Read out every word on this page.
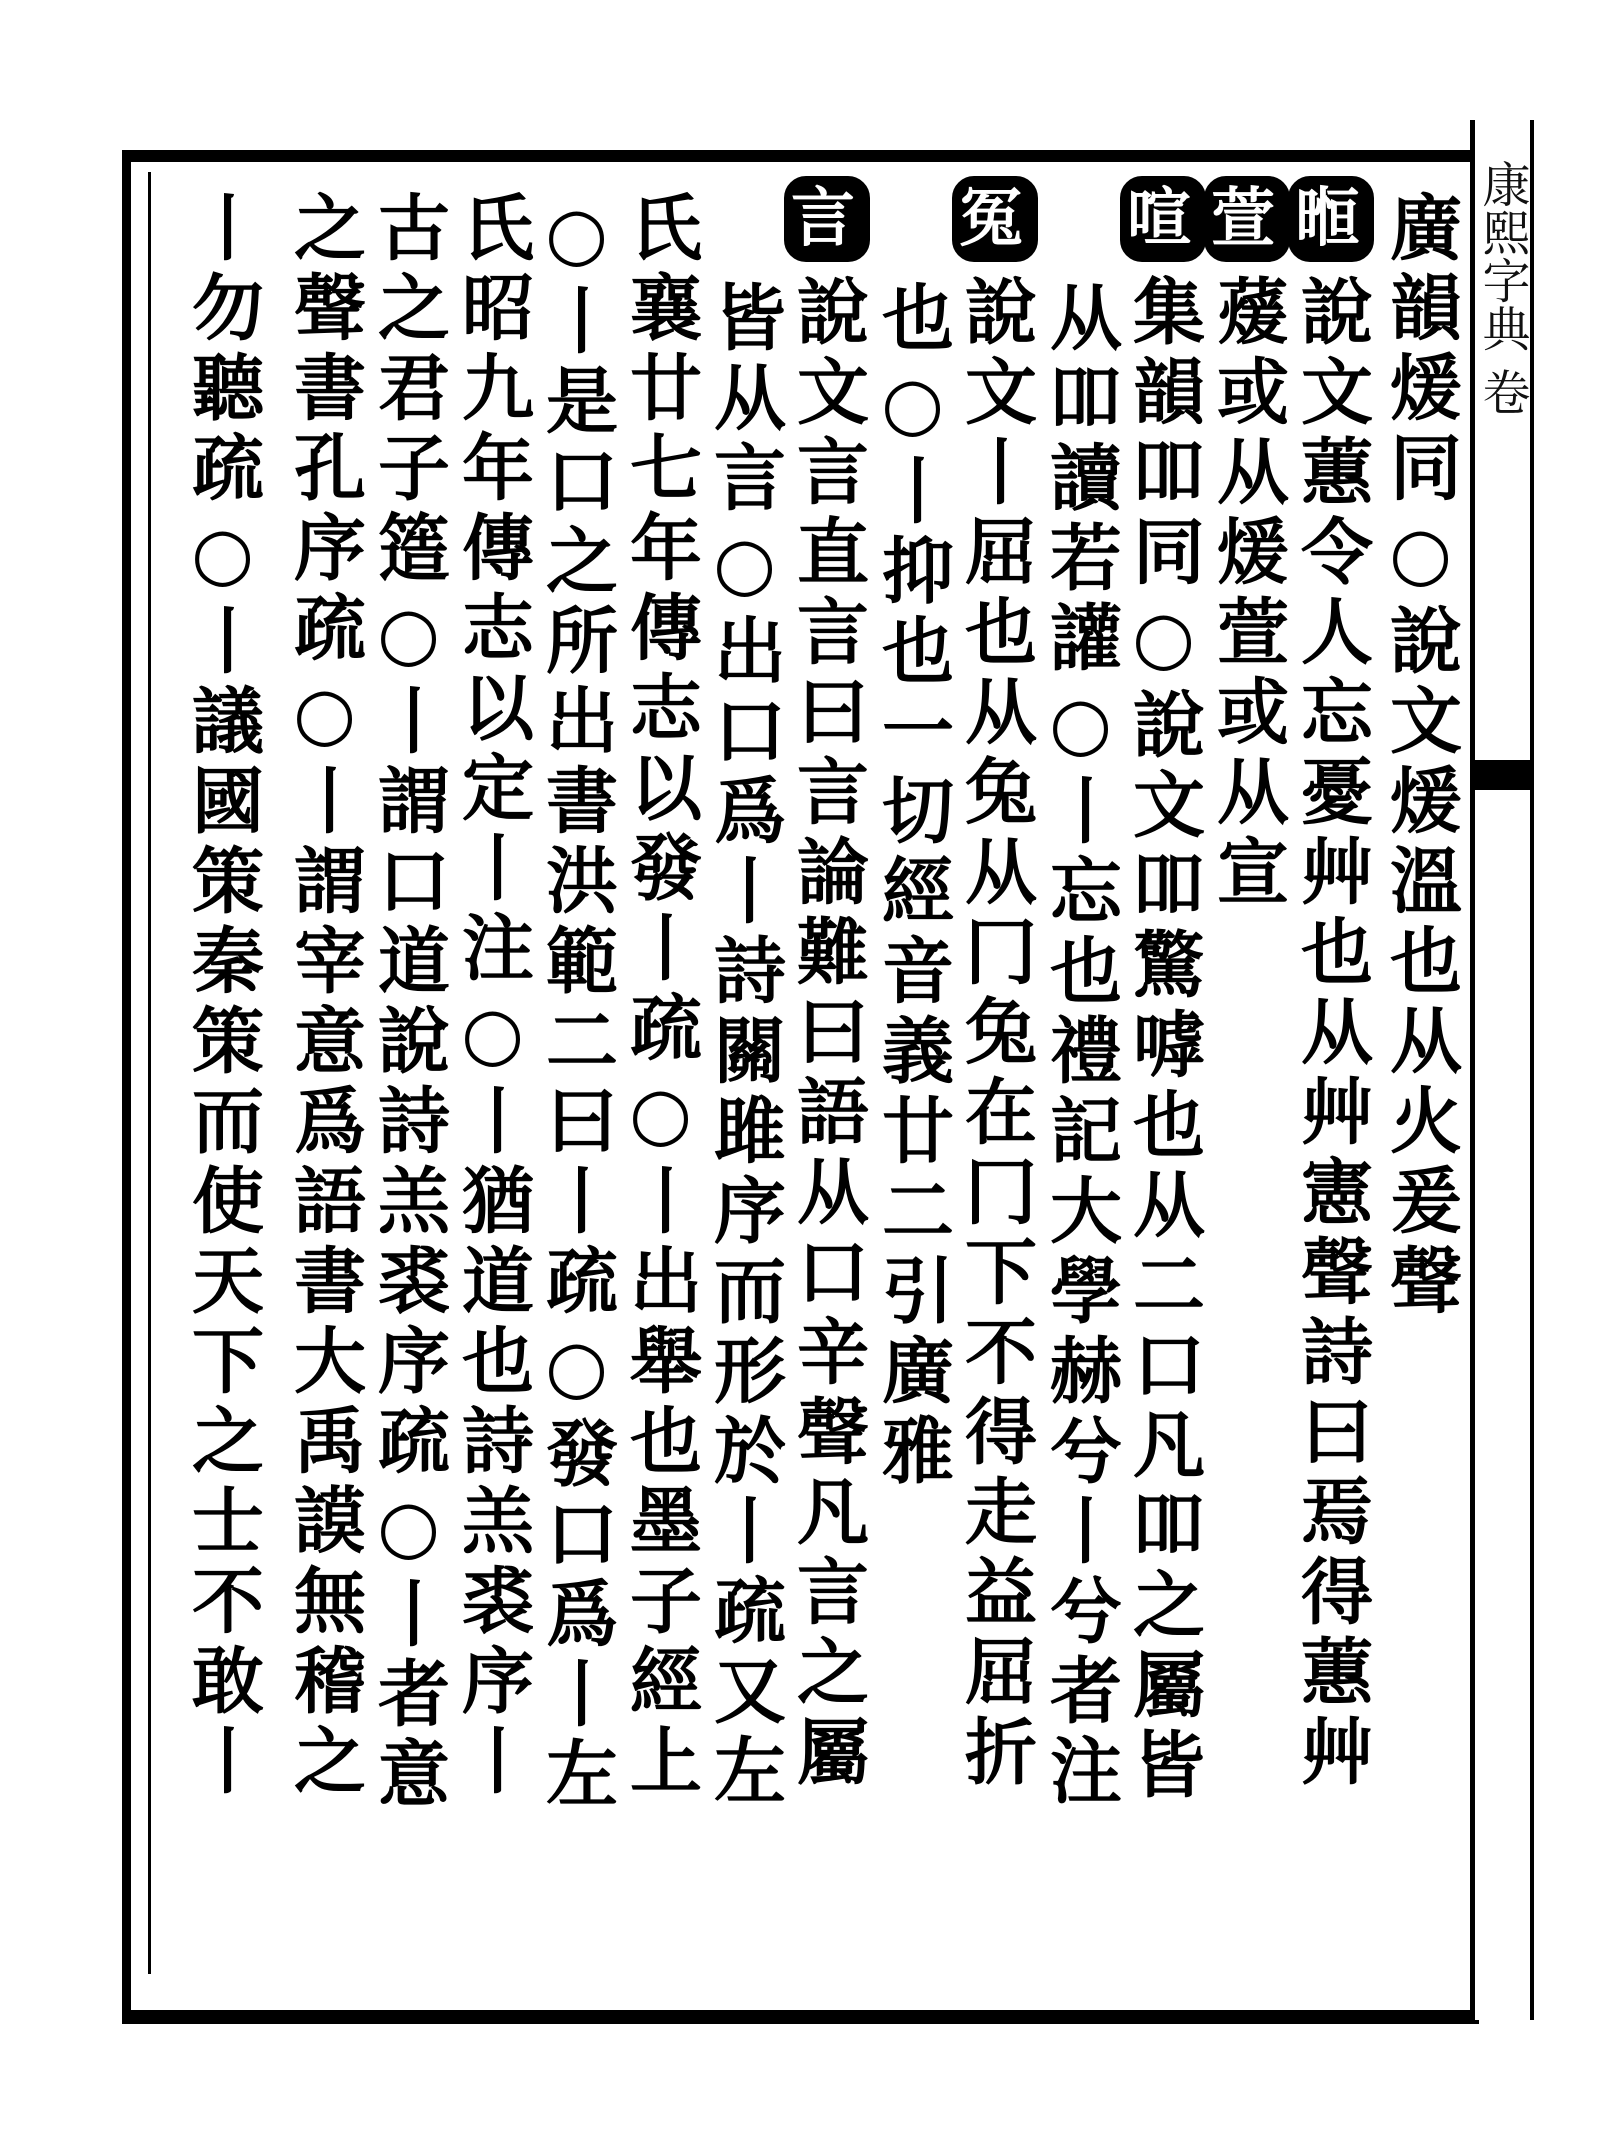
康熙字典 卷
廣韻煖同○說文煖溫也从火爰聲
暅說文蕙令人忘憂艸也从艸憲聲詩曰焉得蕙艸
萱蕿或从煖萱或从宣
喧集韻吅同○說文吅驚嘑也从二口凡吅之屬皆
从吅讀若讙○丨忘也禮記大學赫兮丨兮者注
冤說文丨屈也从兔从冂兔在冂下不得走益屈折
也○丨抑也一切經音義廿二引廣雅
言說文言直言曰言論難曰語从口辛聲凡言之屬
皆从言○出口爲丨詩關雎序而形於丨疏又左
氏襄廿七年傳志以發丨疏○丨出舉也墨子經上
○丨是口之所出書洪範二曰丨疏○發口爲丨左
氏昭九年傳志以定丨注○丨猶道也詩羔裘序丨
古之君子簉○丨謂口道說詩羔裘序疏○丨者意
之聲書孔序疏○丨謂宰意爲語書大禹謨無稽之
丨勿聽疏○丨議國策秦策而使天下之士不敢丨
